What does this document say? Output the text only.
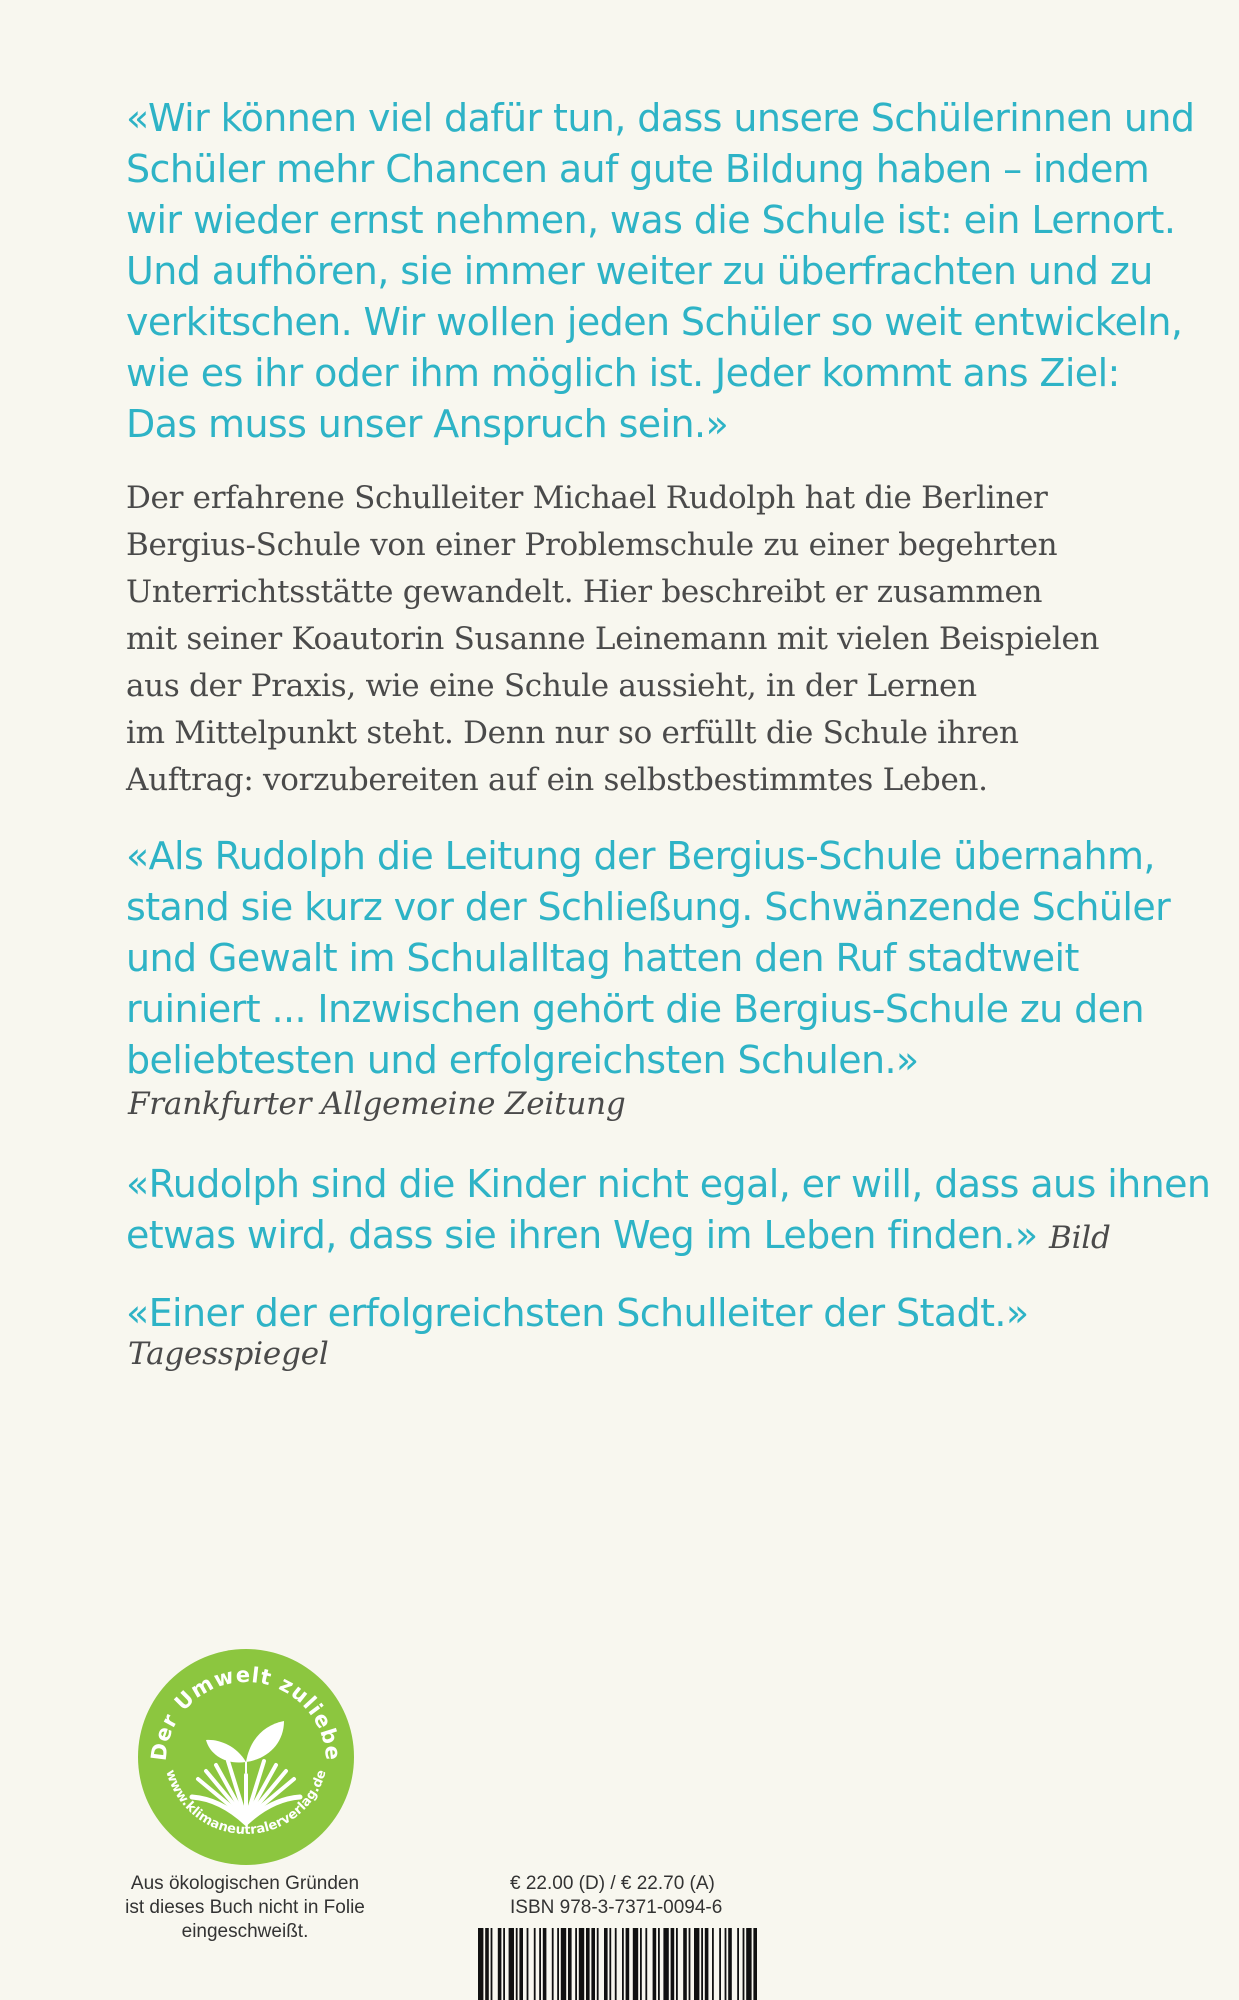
«Wir können viel dafür tun, dass unsere Schülerinnen und
Schüler mehr Chancen auf gute Bildung haben – indem
wir wieder ernst nehmen, was die Schule ist: ein Lernort.
Und aufhören, sie immer weiter zu überfrachten und zu
verkitschen. Wir wollen jeden Schüler so weit entwickeln,
wie es ihr oder ihm möglich ist. Jeder kommt ans Ziel:
Das muss unser Anspruch sein.»

Der erfahrene Schulleiter Michael Rudolph hat die Berliner
Bergius-Schule von einer Problemschule zu einer begehrten
Unterrichtsstätte gewandelt. Hier beschreibt er zusammen
mit seiner Koautorin Susanne Leinemann mit vielen Beispielen
aus der Praxis, wie eine Schule aussieht, in der Lernen
im Mittelpunkt steht. Denn nur so erfüllt die Schule ihren
Auftrag: vorzubereiten auf ein selbstbestimmtes Leben.

«Als Rudolph die Leitung der Bergius-Schule übernahm,
stand sie kurz vor der Schließung. Schwänzende Schüler
und Gewalt im Schulalltag hatten den Ruf stadtweit
ruiniert ... Inzwischen gehört die Bergius-Schule zu den
beliebtesten und erfolgreichsten Schulen.»

Frankfurter Allgemeine Zeitung

«Rudolph sind die Kinder nicht egal, er will, dass aus ihnen
etwas wird, dass sie ihren Weg im Leben finden.» Bild

«Einer der erfolgreichsten Schulleiter der Stadt.»

Tagesspiegel
Der Umwelt zuliebe
www.klimaneutralerverlag.de

Aus ökologischen Gründen
ist dieses Buch nicht in Folie
eingeschweißt.

€ 22.00 (D) / € 22.70 (A)
ISBN 978-3-7371-0094-6
